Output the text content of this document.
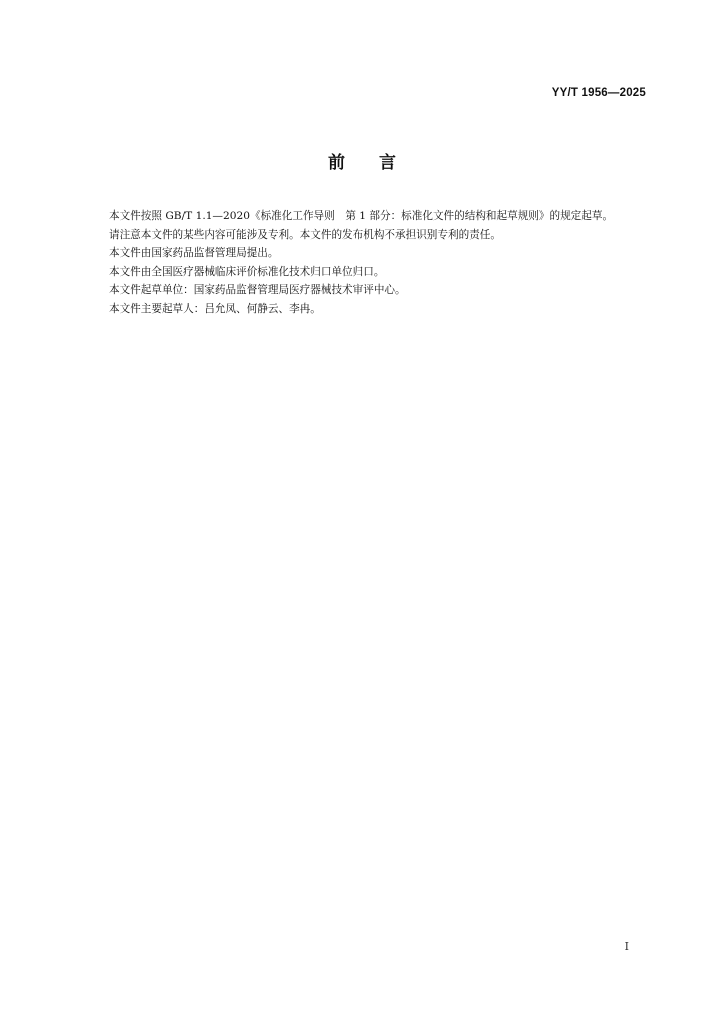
YY/T 1956—2025
前言

本文件按照 GB/T 1.1—2020《标准化工作导则　第 1 部分：标准化文件的结构和起草规则》的规定起草。

请注意本文件的某些内容可能涉及专利。本文件的发布机构不承担识别专利的责任。

本文件由国家药品监督管理局提出。

本文件由全国医疗器械临床评价标准化技术归口单位归口。

本文件起草单位：国家药品监督管理局医疗器械技术审评中心。

本文件主要起草人：吕允凤、何静云、李冉。

I
